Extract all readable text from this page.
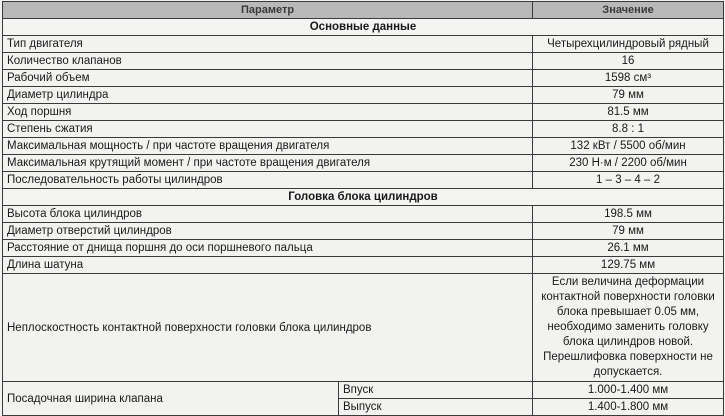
Параметр		Значение
Основные данные		
Тип двигателя		Четырехцилиндровый рядный
Количество клапанов		16
Рабочий объем		1598 см³
Диаметр цилиндра		79 мм
Ход поршня		81.5 мм
Степень сжатия		8.8 : 1
Максимальная мощность / при частоте вращения двигателя		132 кВт / 5500 об/мин
Максимальная крутящий момент / при частоте вращения двигателя		230 Н·м / 2200 об/мин
Последовательность работы цилиндров		1 – 3 – 4 – 2
Головка блока цилиндров		
Высота блока цилиндров		198.5 мм
Диаметр отверстий цилиндров		79 мм
Расстояние от днища поршня до оси поршневого пальца		26.1 мм
Длина шатуна		129.75 мм
Неплоскостность контактной поверхности головки блока цилиндров		Если величина деформации контактной поверхности головки блока превышает 0.05 мм, необходимо заменить головку блока цилиндров новой. Перешлифовка поверхности не допускается.
Посадочная ширина клапана	Впуск	1.000-1.400 мм
	Выпуск	1.400-1.800 мм
